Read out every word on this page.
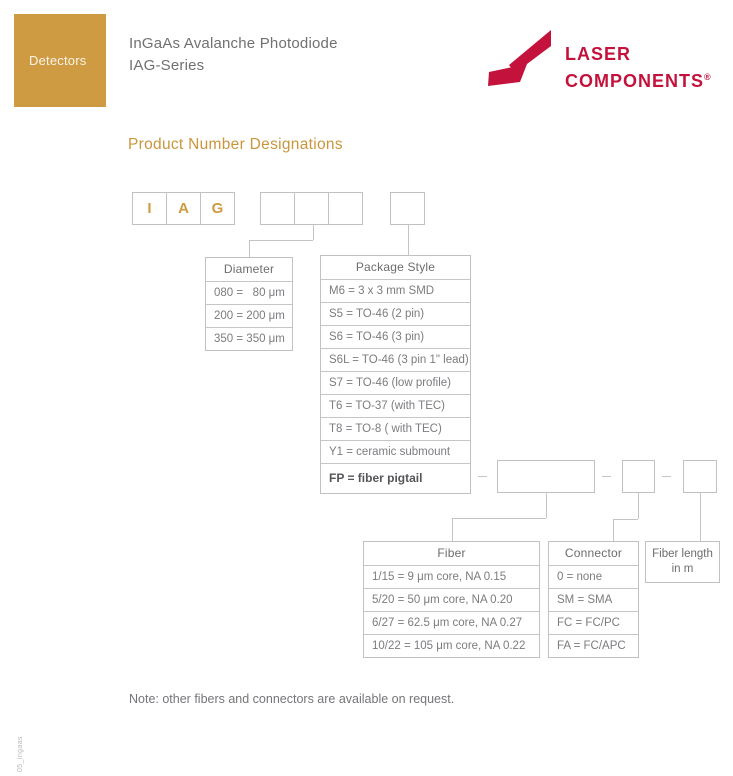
Detectors
InGaAs Avalanche Photodiode
IAG-Series
LASER
COMPONENTS®
Product Number Designations
I	A	G
Diameter
080 =   80 μm
200 = 200 μm
350 = 350 μm
Package Style
M6 = 3 x 3 mm SMD
S5 = TO-46 (2 pin)
S6 = TO-46 (3 pin)
S6L = TO-46 (3 pin 1" lead)
S7 = TO-46 (low profile)
T6 = TO-37 (with TEC)
T8 = TO-8 ( with TEC)
Y1 = ceramic submount
FP = fiber pigtail
Fiber
1/15 = 9 μm core, NA 0.15
5/20 = 50 μm core, NA 0.20
6/27 = 62.5 μm core, NA 0.27
10/22 = 105 μm core, NA 0.22
Connector
0 = none
SM = SMA
FC = FC/PC
FA = FC/APC
Fiber length
in m
Note: other fibers and connectors are available on request.
05_ingaas
